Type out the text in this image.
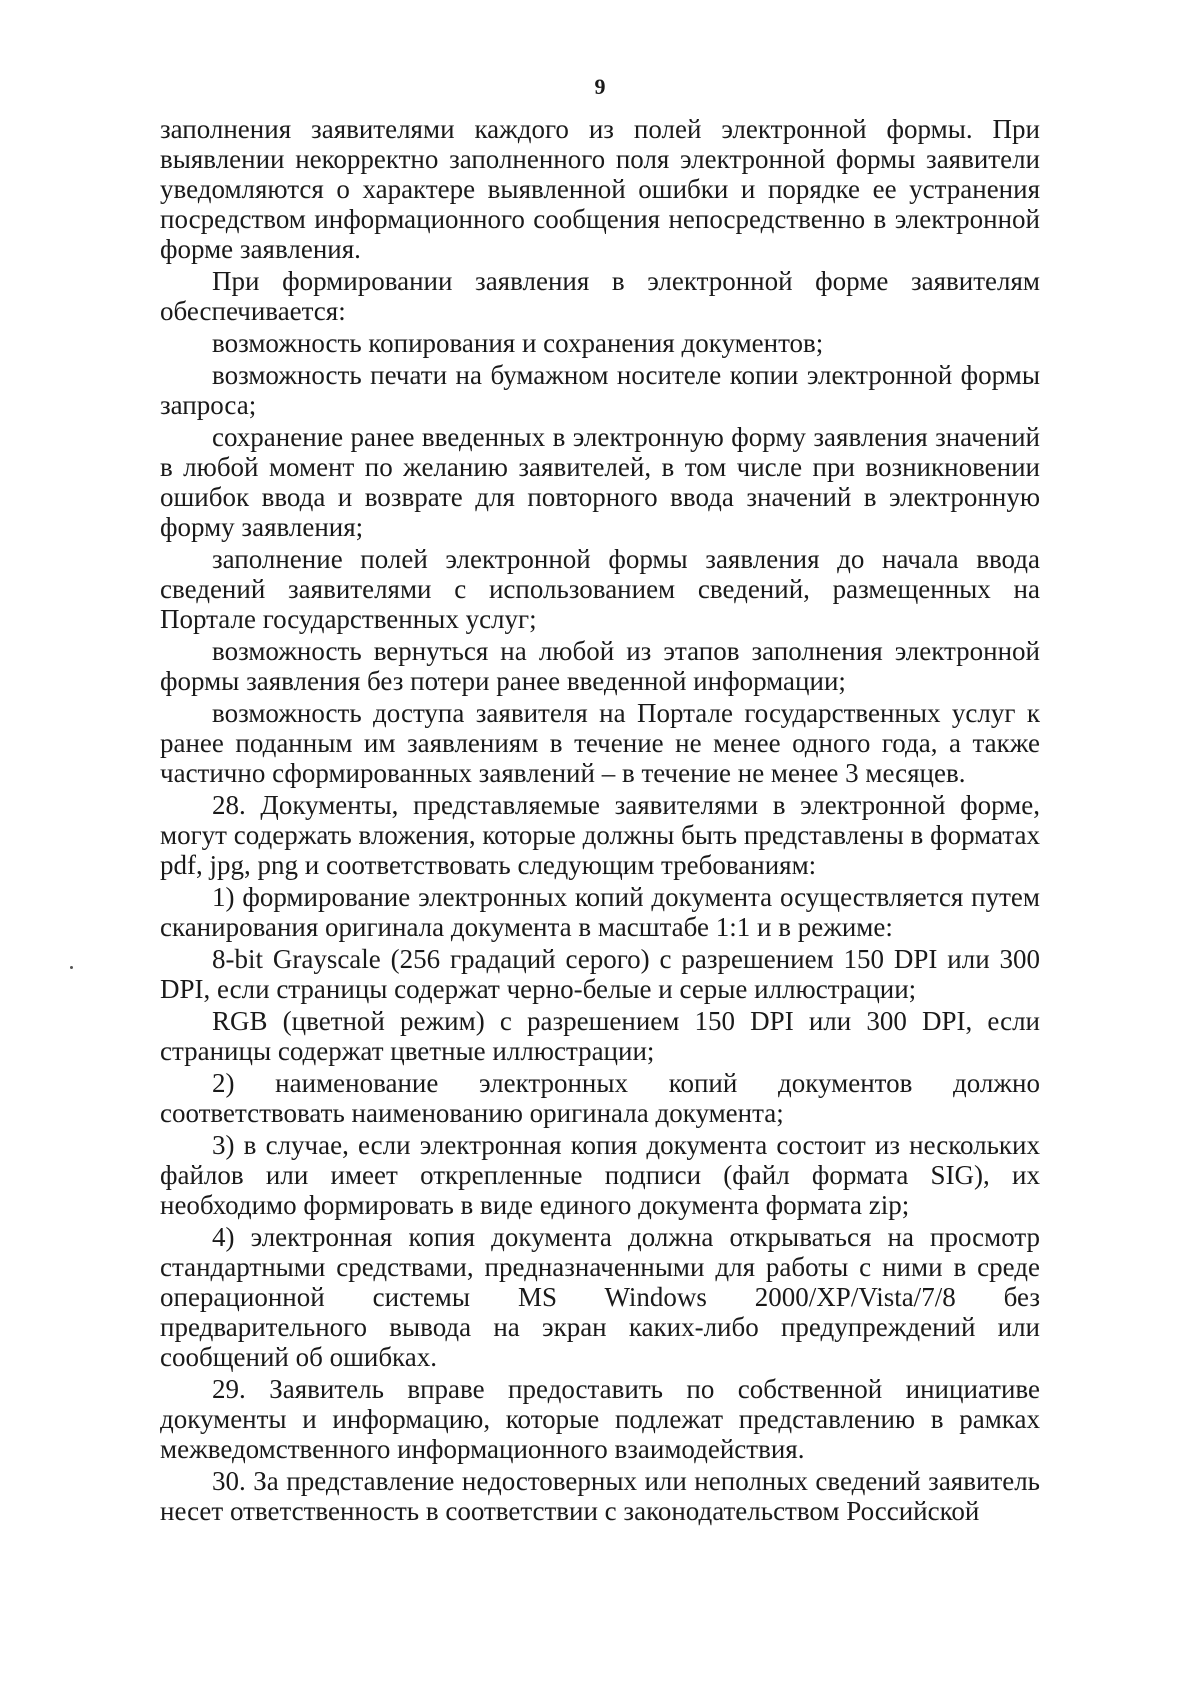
9

заполнения заявителями каждого из полей электронной формы. При выявлении некорректно заполненного поля электронной формы заявители уведомляются о характере выявленной ошибки и порядке ее устранения посредством информационного сообщения непосредственно в электронной форме заявления.

При формировании заявления в электронной форме заявителям обеспечивается:

возможность копирования и сохранения документов;

возможность печати на бумажном носителе копии электронной формы запроса;

сохранение ранее введенных в электронную форму заявления значений в любой момент по желанию заявителей, в том числе при возникновении ошибок ввода и возврате для повторного ввода значений в электронную форму заявления;

заполнение полей электронной формы заявления до начала ввода сведений заявителями с использованием сведений, размещенных на Портале государственных услуг;

возможность вернуться на любой из этапов заполнения электронной формы заявления без потери ранее введенной информации;

возможность доступа заявителя на Портале государственных услуг к ранее поданным им заявлениям в течение не менее одного года, а также частично сформированных заявлений – в течение не менее 3 месяцев.

28. Документы, представляемые заявителями в электронной форме, могут содержать вложения, которые должны быть представлены в форматах pdf, jpg, png и соответствовать следующим требованиям:

1) формирование электронных копий документа осуществляется путем сканирования оригинала документа в масштабе 1:1 и в режиме:

8-bit Grayscale (256 градаций серого) с разрешением 150 DPI или 300 DPI, если страницы содержат черно-белые и серые иллюстрации;

RGB (цветной режим) с разрешением 150 DPI или 300 DPI, если страницы содержат цветные иллюстрации;

2) наименование электронных копий документов должно соответствовать наименованию оригинала документа;

3) в случае, если электронная копия документа состоит из нескольких файлов или имеет открепленные подписи (файл формата SIG), их необходимо формировать в виде единого документа формата zip;

4) электронная копия документа должна открываться на просмотр стандартными средствами, предназначенными для работы с ними в среде операционной системы MS Windows 2000/XP/Vista/7/8 без предварительного вывода на экран каких-либо предупреждений или сообщений об ошибках.

29. Заявитель вправе предоставить по собственной инициативе документы и информацию, которые подлежат представлению в рамках межведомственного информационного взаимодействия.

30. За представление недостоверных или неполных сведений заявитель несет ответственность в соответствии с законодательством Российской
